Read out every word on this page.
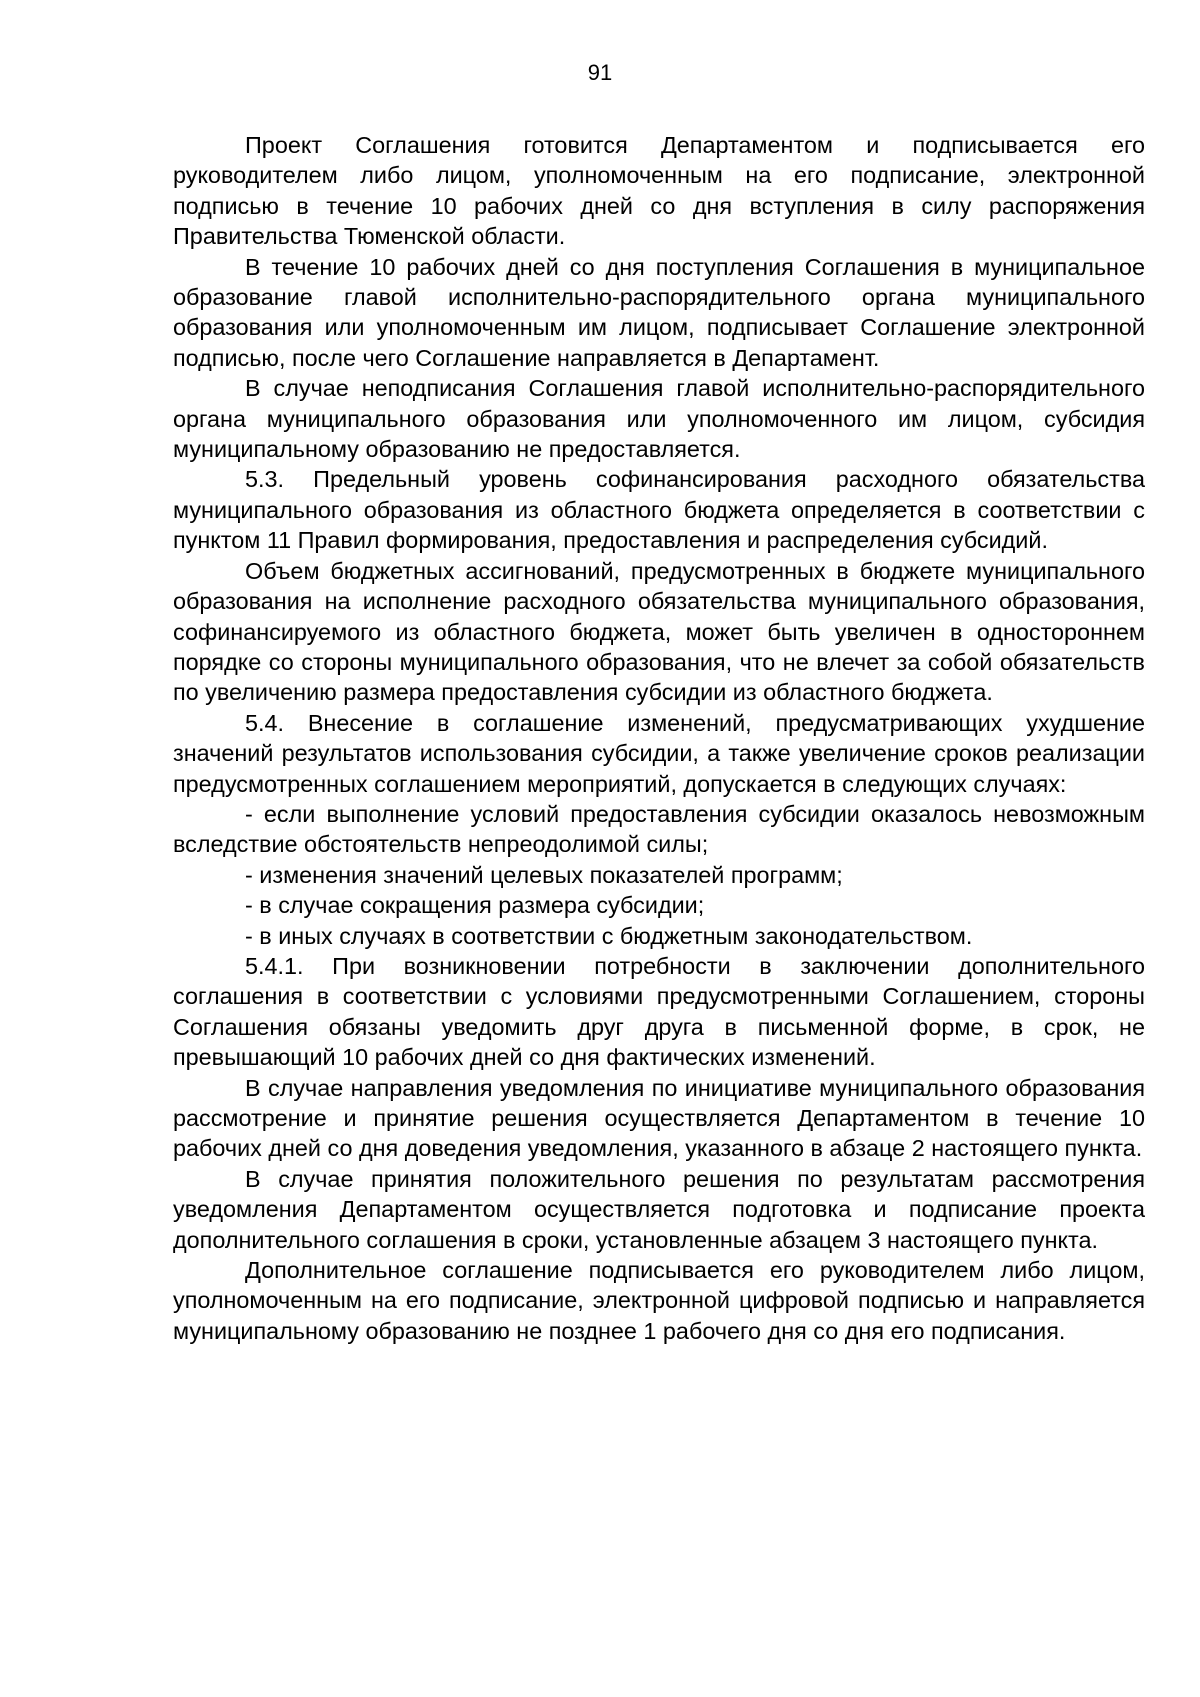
91

Проект Соглашения готовится Департаментом и подписывается его руководителем либо лицом, уполномоченным на его подписание, электронной подписью в течение 10 рабочих дней со дня вступления в силу распоряжения Правительства Тюменской области.

В течение 10 рабочих дней со дня поступления Соглашения в муниципальное образование главой исполнительно-распорядительного органа муниципального образования или уполномоченным им лицом, подписывает Соглашение электронной подписью, после чего Соглашение направляется в Департамент.

В случае неподписания Соглашения главой исполнительно-распорядительного органа муниципального образования или уполномоченного им лицом, субсидия муниципальному образованию не предоставляется.

5.3. Предельный уровень софинансирования расходного обязательства муниципального образования из областного бюджета определяется в соответствии с пунктом 11 Правил формирования, предоставления и распределения субсидий.

Объем бюджетных ассигнований, предусмотренных в бюджете муниципального образования на исполнение расходного обязательства муниципального образования, софинансируемого из областного бюджета, может быть увеличен в одностороннем порядке со стороны муниципального образования, что не влечет за собой обязательств по увеличению размера предоставления субсидии из областного бюджета.

5.4. Внесение в соглашение изменений, предусматривающих ухудшение значений результатов использования субсидии, а также увеличение сроков реализации предусмотренных соглашением мероприятий, допускается в следующих случаях:

- если выполнение условий предоставления субсидии оказалось невозможным вследствие обстоятельств непреодолимой силы;

- изменения значений целевых показателей программ;

- в случае сокращения размера субсидии;

- в иных случаях в соответствии с бюджетным законодательством.

5.4.1. При возникновении потребности в заключении дополнительного соглашения в соответствии с условиями предусмотренными Соглашением, стороны Соглашения обязаны уведомить друг друга в письменной форме, в срок, не превышающий 10 рабочих дней со дня фактических изменений.

В случае направления уведомления по инициативе муниципального образования рассмотрение и принятие решения осуществляется Департаментом в течение 10 рабочих дней со дня доведения уведомления, указанного в абзаце 2 настоящего пункта.

В случае принятия положительного решения по результатам рассмотрения уведомления Департаментом осуществляется подготовка и подписание проекта дополнительного соглашения в сроки, установленные абзацем 3 настоящего пункта.

Дополнительное соглашение подписывается его руководителем либо лицом, уполномоченным на его подписание, электронной цифровой подписью и направляется муниципальному образованию не позднее 1 рабочего дня со дня его подписания.
